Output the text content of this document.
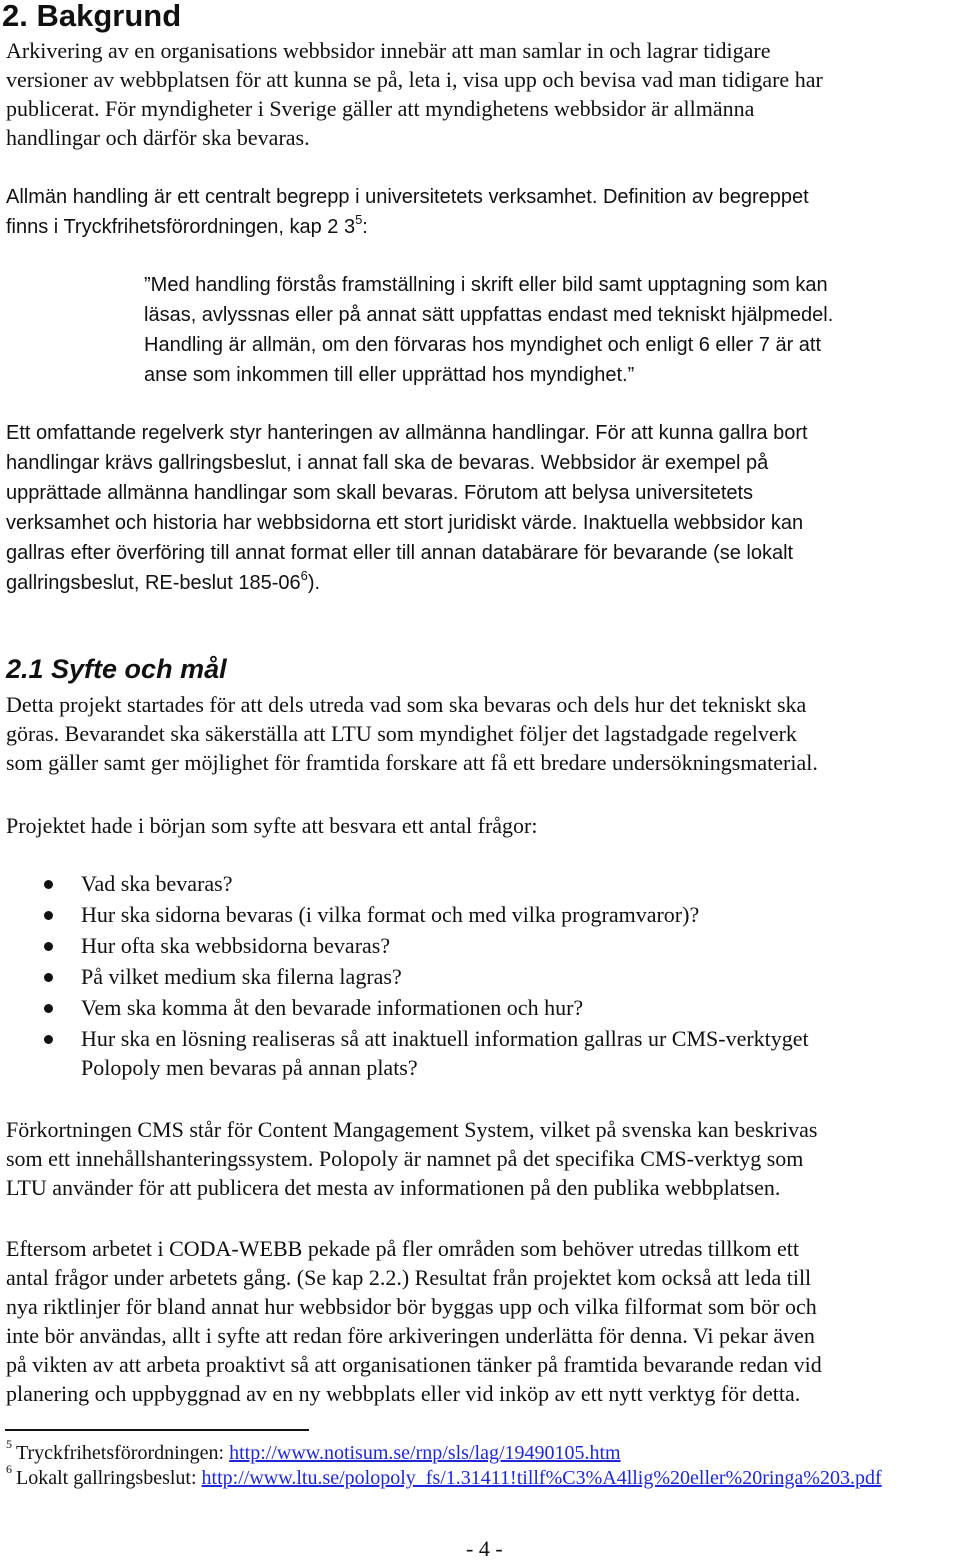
2. Bakgrund
Arkivering av en organisations webbsidor innebär att man samlar in och lagrar tidigare
versioner av webbplatsen för att kunna se på, leta i, visa upp och bevisa vad man tidigare har
publicerat. För myndigheter i Sverige gäller att myndighetens webbsidor är allmänna
handlingar och därför ska bevaras.
Allmän handling är ett centralt begrepp i universitetets verksamhet. Definition av begreppet
finns i Tryckfrihetsförordningen, kap 2 $3^5$:
”Med handling förstås framställning i skrift eller bild samt upptagning som kan
läsas, avlyssnas eller på annat sätt uppfattas endast med tekniskt hjälpmedel.
Handling är allmän, om den förvaras hos myndighet och enligt 6 eller 7 är att
anse som inkommen till eller upprättad hos myndighet.”
Ett omfattande regelverk styr hanteringen av allmänna handlingar. För att kunna gallra bort
handlingar krävs gallringsbeslut, i annat fall ska de bevaras. Webbsidor är exempel på
upprättade allmänna handlingar som skall bevaras. Förutom att belysa universitetets
verksamhet och historia har webbsidorna ett stort juridiskt värde. Inaktuella webbsidor kan
gallras efter överföring till annat format eller till annan databärare för bevarande (se lokalt
gallringsbeslut, RE-beslut $185-06^6$).
2.1 Syfte och mål
Detta projekt startades för att dels utreda vad som ska bevaras och dels hur det tekniskt ska
göras. Bevarandet ska säkerställa att LTU som myndighet följer det lagstadgade regelverk
som gäller samt ger möjlighet för framtida forskare att få ett bredare undersökningsmaterial.
Projektet hade i början som syfte att besvara ett antal frågor:
Vad ska bevaras?
Hur ska sidorna bevaras (i vilka format och med vilka programvaror)?
Hur ofta ska webbsidorna bevaras?
På vilket medium ska filerna lagras?
Vem ska komma åt den bevarade informationen och hur?
Hur ska en lösning realiseras så att inaktuell information gallras ur CMS-verktyget
Polopoly men bevaras på annan plats?
Förkortningen CMS står för Content Mangagement System, vilket på svenska kan beskrivas
som ett innehållshanteringssystem. Polopoly är namnet på det specifika CMS-verktyg som
LTU använder för att publicera det mesta av informationen på den publika webbplatsen.
Eftersom arbetet i CODA-WEBB pekade på fler områden som behöver utredas tillkom ett
antal frågor under arbetets gång. (Se kap 2.2.) Resultat från projektet kom också att leda till
nya riktlinjer för bland annat hur webbsidor bör byggas upp och vilka filformat som bör och
inte bör användas, allt i syfte att redan före arkiveringen underlätta för denna. Vi pekar även
på vikten av att arbeta proaktivt så att organisationen tänker på framtida bevarande redan vid
planering och uppbyggnad av en ny webbplats eller vid inköp av ett nytt verktyg för detta.
$^5$ Tryckfrihetsförordningen: http://www.notisum.se/rnp/sls/lag/19490105.htm
$^6$ Lokalt gallringsbeslut: http://www.ltu.se/polopoly_fs/1.31411!tillf%C3%A4llig%20eller%20ringa%203.pdf
- 4 -
